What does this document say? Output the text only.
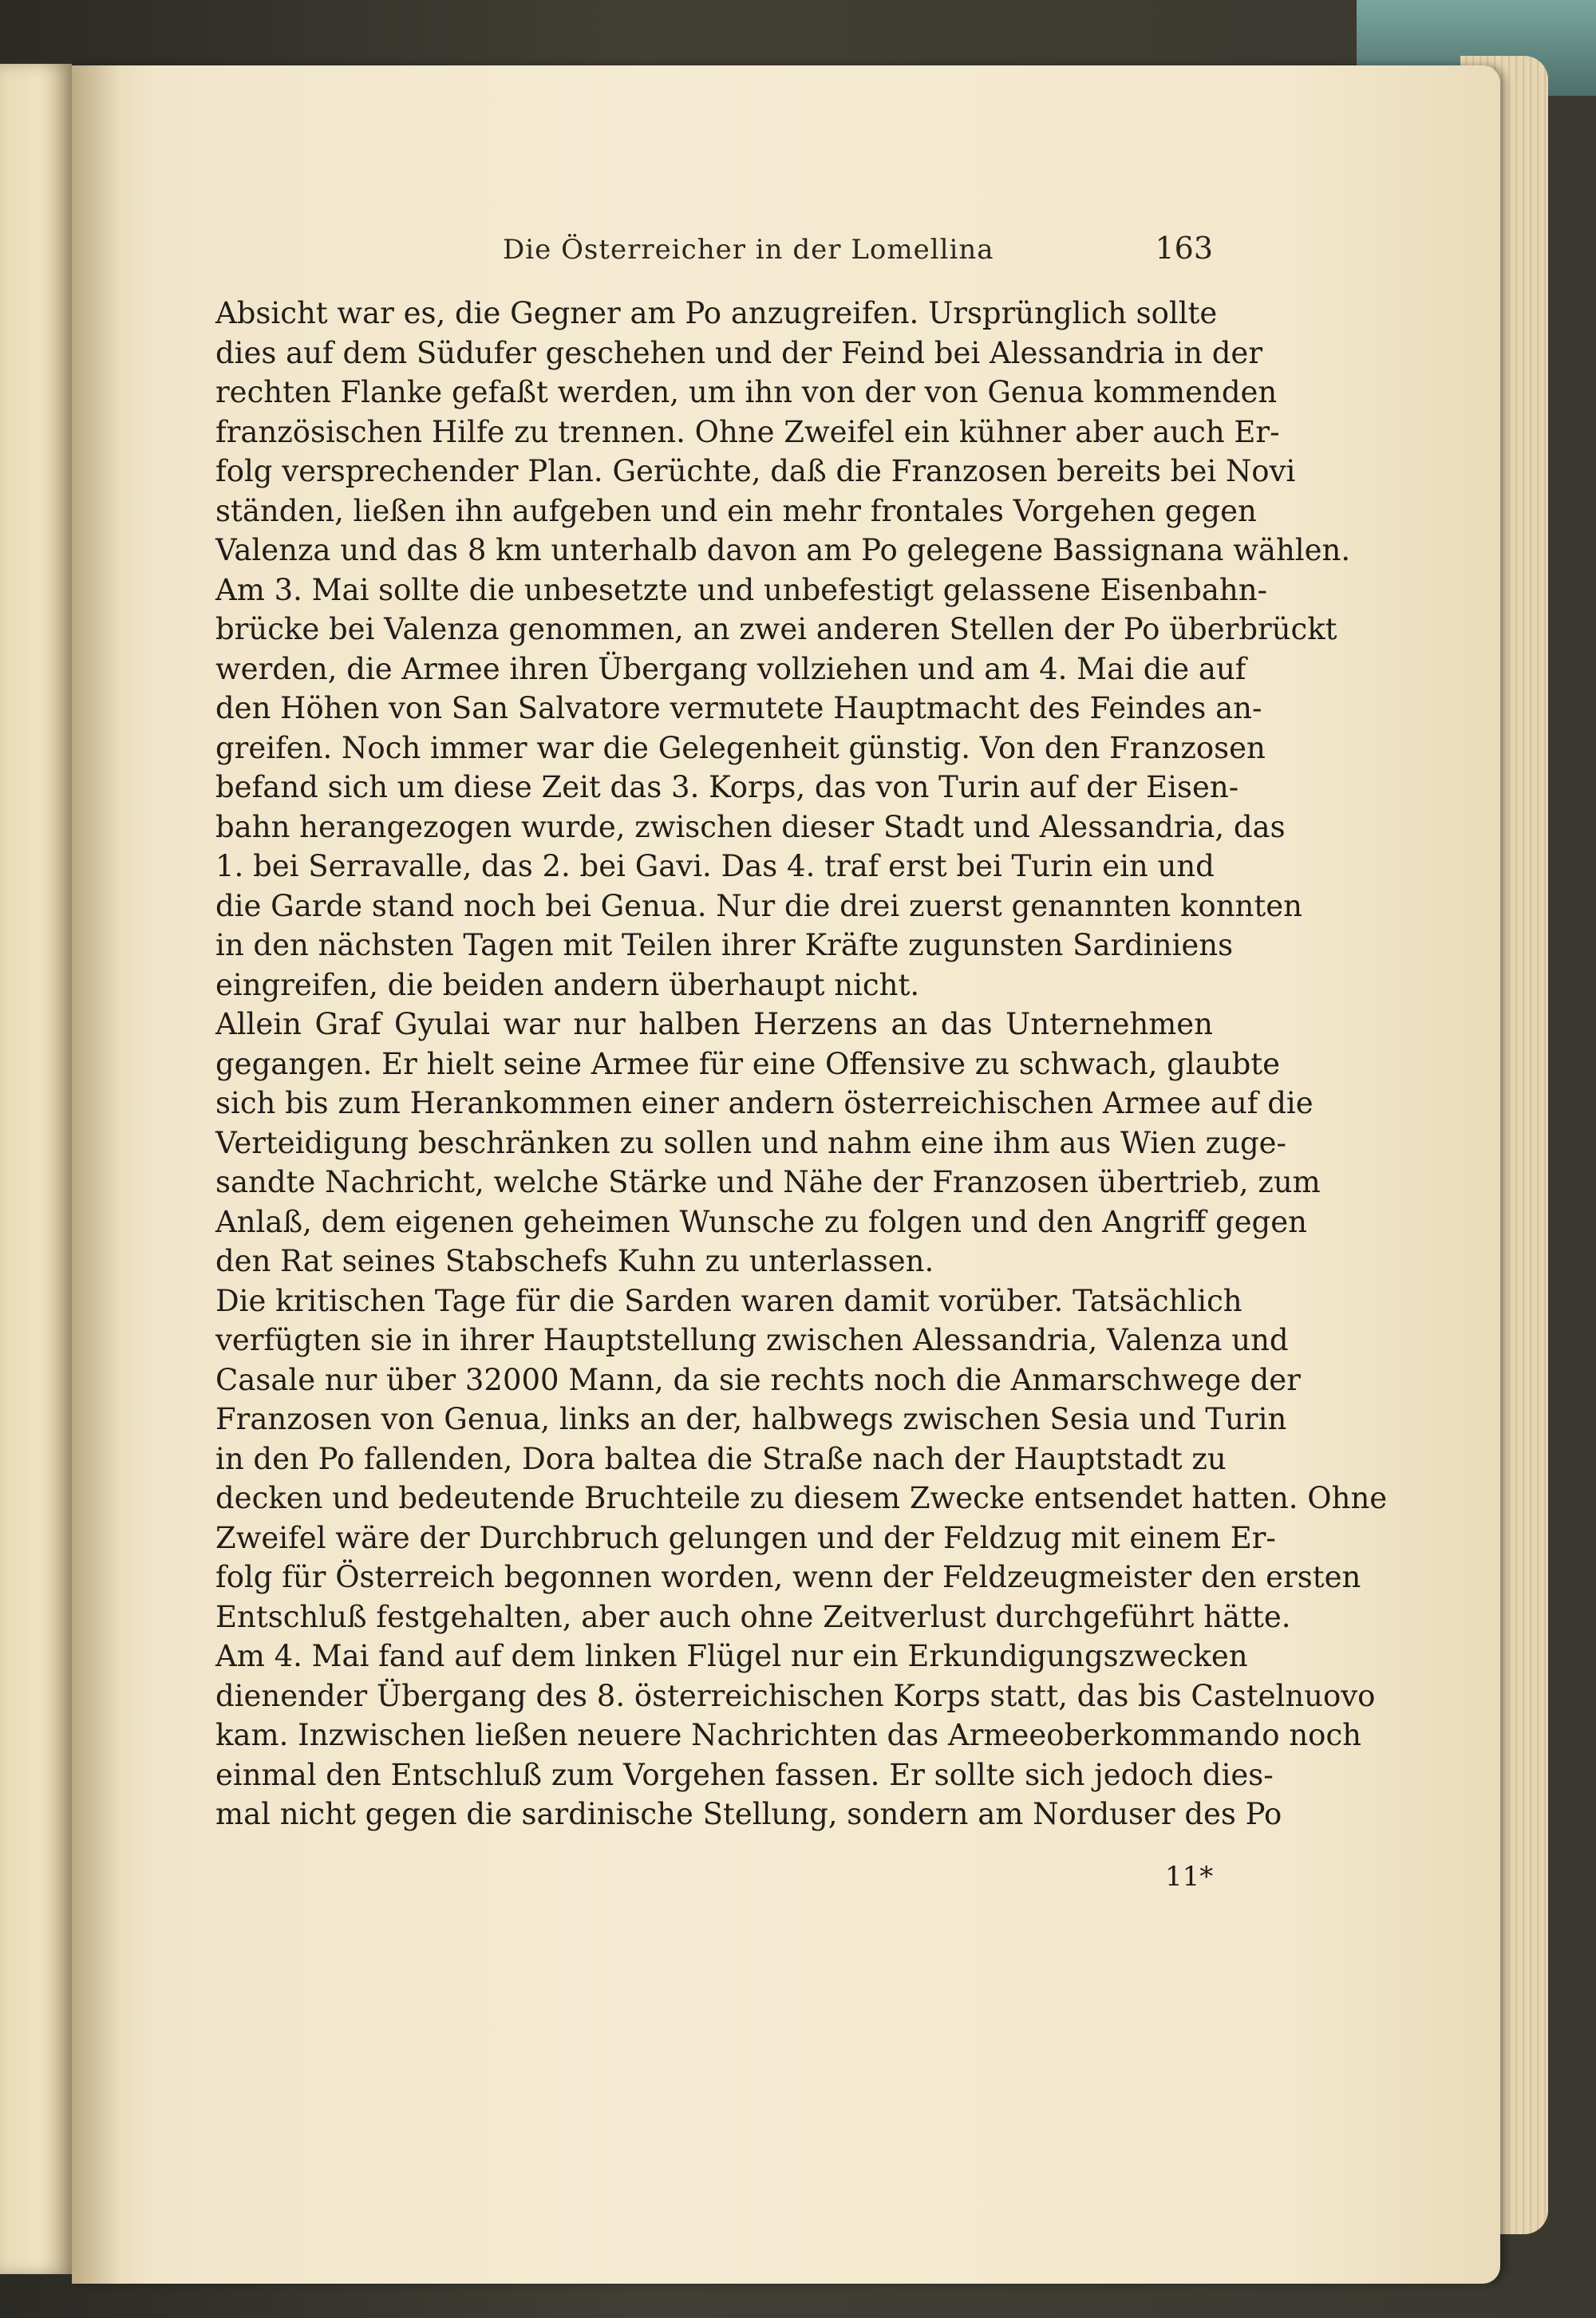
Die Österreicher in der Lomellina	163
Absicht war es, die Gegner am Po anzugreifen. Ursprünglich sollte
dies auf dem Südufer geschehen und der Feind bei Alessandria in der
rechten Flanke gefaßt werden, um ihn von der von Genua kommenden
französischen Hilfe zu trennen. Ohne Zweifel ein kühner aber auch Er-
folg versprechender Plan. Gerüchte, daß die Franzosen bereits bei Novi
ständen, ließen ihn aufgeben und ein mehr frontales Vorgehen gegen
Valenza und das 8 km unterhalb davon am Po gelegene Bassignana wählen.
Am 3. Mai sollte die unbesetzte und unbefestigt gelassene Eisenbahn-
brücke bei Valenza genommen, an zwei anderen Stellen der Po überbrückt
werden, die Armee ihren Übergang vollziehen und am 4. Mai die auf
den Höhen von San Salvatore vermutete Hauptmacht des Feindes an-
greifen. Noch immer war die Gelegenheit günstig. Von den Franzosen
befand sich um diese Zeit das 3. Korps, das von Turin auf der Eisen-
bahn herangezogen wurde, zwischen dieser Stadt und Alessandria, das
1. bei Serravalle, das 2. bei Gavi. Das 4. traf erst bei Turin ein und
die Garde stand noch bei Genua. Nur die drei zuerst genannten konnten
in den nächsten Tagen mit Teilen ihrer Kräfte zugunsten Sardiniens
eingreifen, die beiden andern überhaupt nicht.
Allein Graf Gyulai war nur halben Herzens an das Unternehmen
gegangen. Er hielt seine Armee für eine Offensive zu schwach, glaubte
sich bis zum Herankommen einer andern österreichischen Armee auf die
Verteidigung beschränken zu sollen und nahm eine ihm aus Wien zuge-
sandte Nachricht, welche Stärke und Nähe der Franzosen übertrieb, zum
Anlaß, dem eigenen geheimen Wunsche zu folgen und den Angriff gegen
den Rat seines Stabschefs Kuhn zu unterlassen.
Die kritischen Tage für die Sarden waren damit vorüber. Tatsächlich
verfügten sie in ihrer Hauptstellung zwischen Alessandria, Valenza und
Casale nur über 32000 Mann, da sie rechts noch die Anmarschwege der
Franzosen von Genua, links an der, halbwegs zwischen Sesia und Turin
in den Po fallenden, Dora baltea die Straße nach der Hauptstadt zu
decken und bedeutende Bruchteile zu diesem Zwecke entsendet hatten. Ohne
Zweifel wäre der Durchbruch gelungen und der Feldzug mit einem Er-
folg für Österreich begonnen worden, wenn der Feldzeugmeister den ersten
Entschluß festgehalten, aber auch ohne Zeitverlust durchgeführt hätte.
Am 4. Mai fand auf dem linken Flügel nur ein Erkundigungszwecken
dienender Übergang des 8. österreichischen Korps statt, das bis Castelnuovo
kam. Inzwischen ließen neuere Nachrichten das Armeeoberkommando noch
einmal den Entschluß zum Vorgehen fassen. Er sollte sich jedoch dies-
mal nicht gegen die sardinische Stellung, sondern am Norduser des Po
11*
